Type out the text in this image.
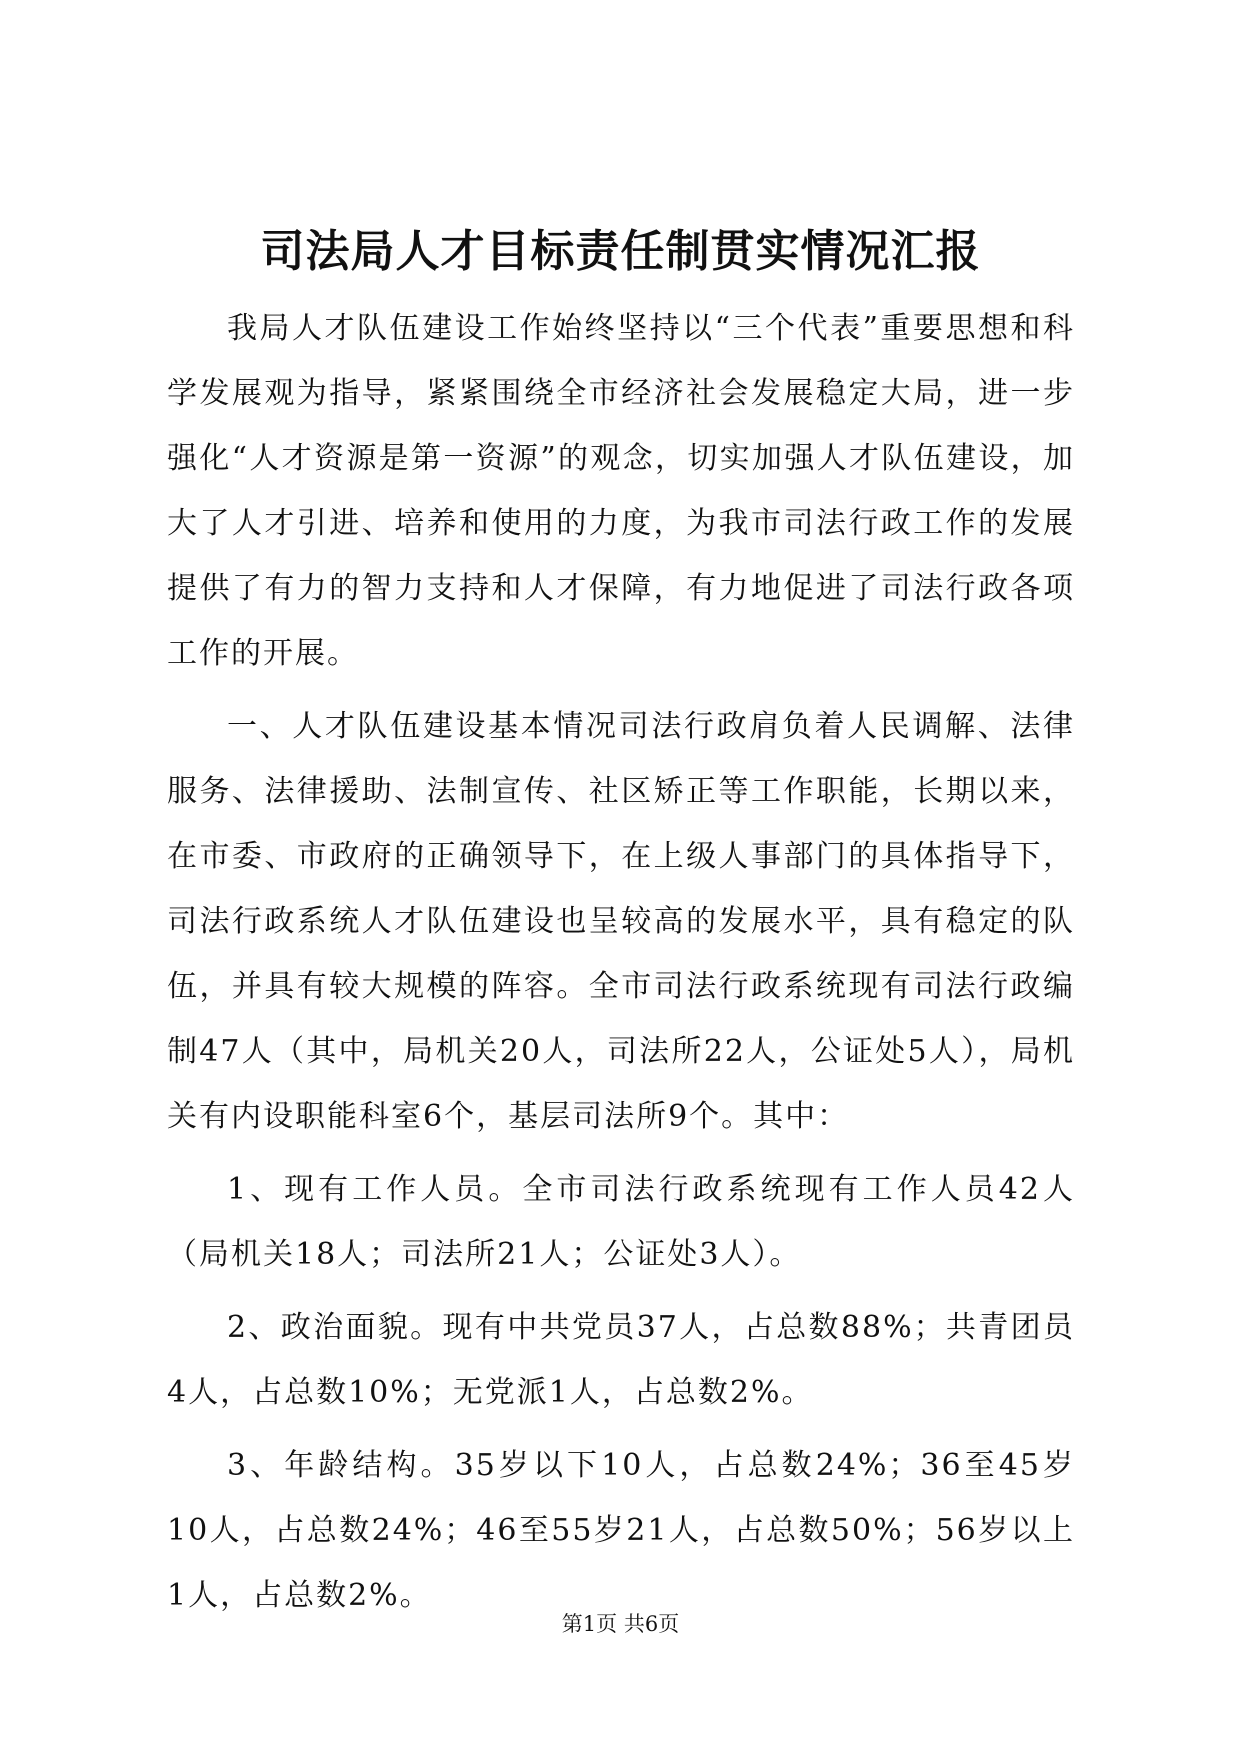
司法局人才目标责任制贯实情况汇报

我局人才队伍建设工作始终坚持以“三个代表”重要思想和科学发展观为指导，紧紧围绕全市经济社会发展稳定大局，进一步强化“人才资源是第一资源”的观念，切实加强人才队伍建设，加大了人才引进、培养和使用的力度，为我市司法行政工作的发展提供了有力的智力支持和人才保障，有力地促进了司法行政各项工作的开展。

一、人才队伍建设基本情况司法行政肩负着人民调解、法律服务、法律援助、法制宣传、社区矫正等工作职能，长期以来，在市委、市政府的正确领导下，在上级人事部门的具体指导下，司法行政系统人才队伍建设也呈较高的发展水平，具有稳定的队伍，并具有较大规模的阵容。全市司法行政系统现有司法行政编制47人（其中，局机关20人，司法所22人，公证处5人），局机关有内设职能科室6个，基层司法所9个。其中：

1、现有工作人员。全市司法行政系统现有工作人员42人（局机关18人；司法所21人；公证处3人）。

2、政治面貌。现有中共党员37人，占总数88%；共青团员4人，占总数10%；无党派1人，占总数2%。

3、年龄结构。35岁以下10人，占总数24%；36至45岁10人，占总数24%；46至55岁21人，占总数50%；56岁以上1人，占总数2%。

第1页 共6页
